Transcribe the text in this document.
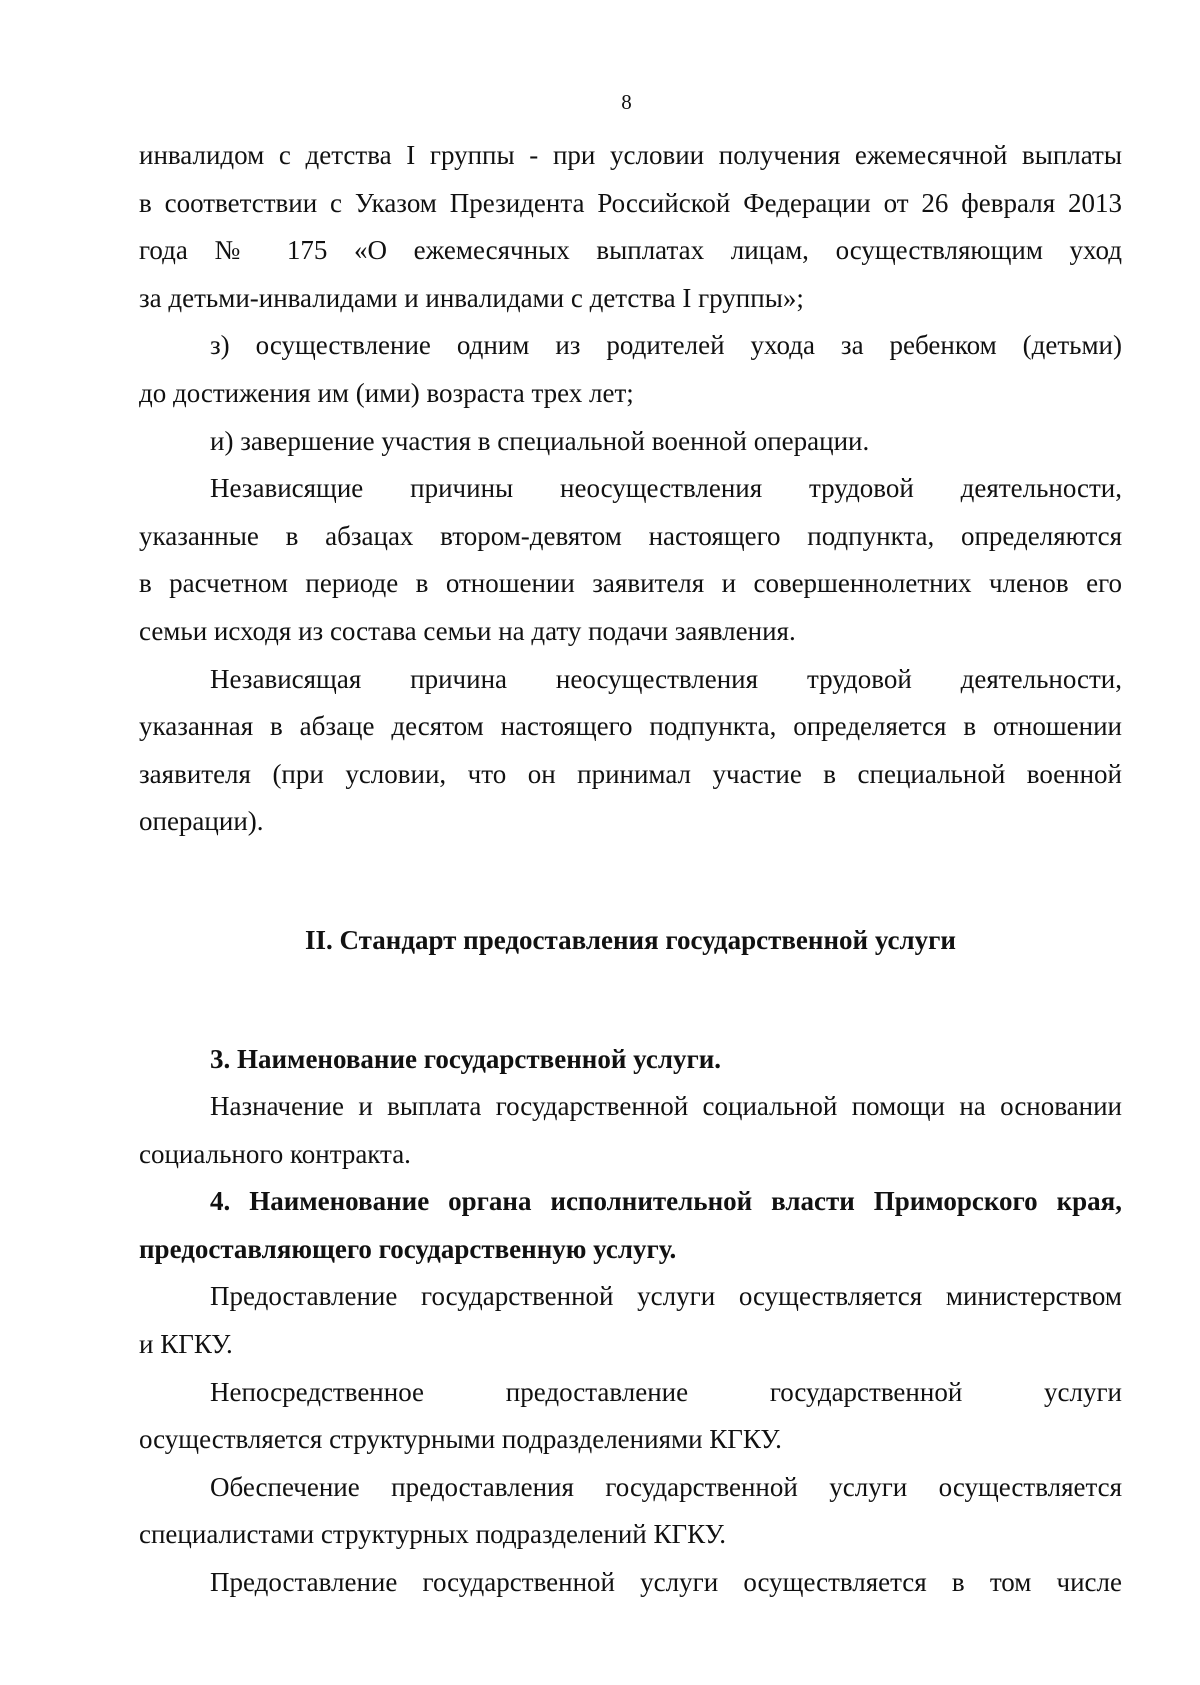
8

инвалидом с детства I группы - при условии получения ежемесячной выплаты
в соответствии с Указом Президента Российской Федерации от 26 февраля 2013
года № 175 «О ежемесячных выплатах лицам, осуществляющим уход
за детьми-инвалидами и инвалидами с детства I группы»;

з) осуществление одним из родителей ухода за ребенком (детьми)
до достижения им (ими) возраста трех лет;

и) завершение участия в специальной военной операции.

Независящие причины неосуществления трудовой деятельности,
указанные в абзацах втором-девятом настоящего подпункта, определяются
в расчетном периоде в отношении заявителя и совершеннолетних членов его
семьи исходя из состава семьи на дату подачи заявления.

Независящая причина неосуществления трудовой деятельности,
указанная в абзаце десятом настоящего подпункта, определяется в отношении
заявителя (при условии, что он принимал участие в специальной военной
операции).

II. Стандарт предоставления государственной услуги

3. Наименование государственной услуги.
Назначение и выплата государственной социальной помощи на основании
социального контракта.

4. Наименование органа исполнительной власти Приморского края,
предоставляющего государственную услугу.

Предоставление государственной услуги осуществляется министерством
и КГКУ.

Непосредственное предоставление государственной услуги
осуществляется структурными подразделениями КГКУ.

Обеспечение предоставления государственной услуги осуществляется
специалистами структурных подразделений КГКУ.

Предоставление государственной услуги осуществляется в том числе
